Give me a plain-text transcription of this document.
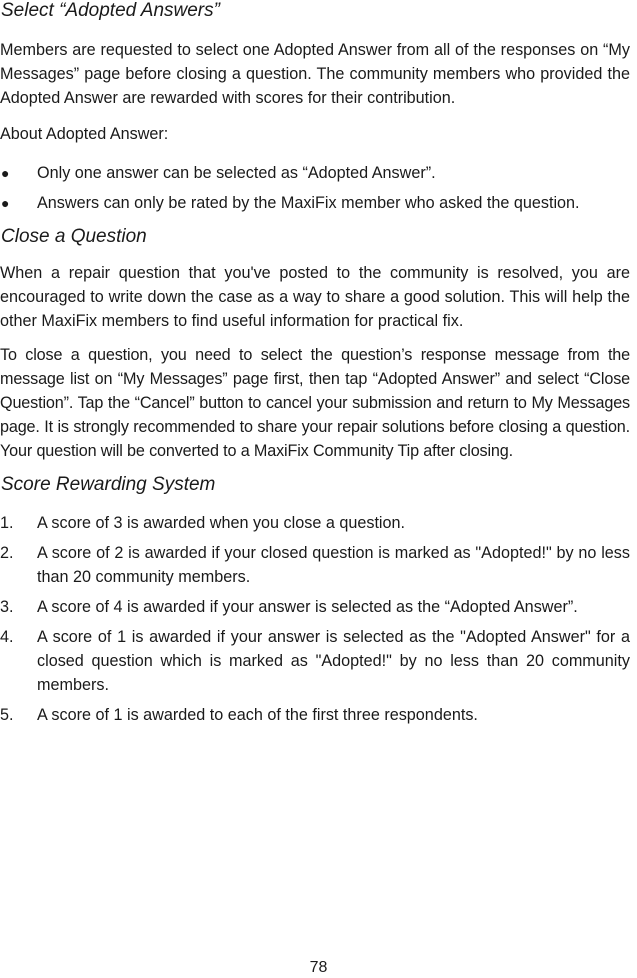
Select “Adopted Answers”

Members are requested to select one Adopted Answer from all of the responses on “My Messages” page before closing a question. The community members who provided the Adopted Answer are rewarded with scores for their contribution.

About Adopted Answer:

● Only one answer can be selected as “Adopted Answer”.
● Answers can only be rated by the MaxiFix member who asked the question.
Close a Question

When a repair question that you've posted to the community is resolved, you are encouraged to write down the case as a way to share a good solution. This will help the other MaxiFix members to find useful information for practical fix.

To close a question, you need to select the question’s response message from the message list on “My Messages” page first, then tap “Adopted Answer” and select “Close Question”. Tap the “Cancel” button to cancel your submission and return to My Messages page. It is strongly recommended to share your repair solutions before closing a question. Your question will be converted to a MaxiFix Community Tip after closing.

Score Rewarding System
1. A score of 3 is awarded when you close a question.
2. A score of 2 is awarded if your closed question is marked as "Adopted!" by no less than 20 community members.
3. A score of 4 is awarded if your answer is selected as the “Adopted Answer”.
4. A score of 1 is awarded if your answer is selected as the "Adopted Answer" for a closed question which is marked as "Adopted!" by no less than 20 community members.
5. A score of 1 is awarded to each of the first three respondents.
78
